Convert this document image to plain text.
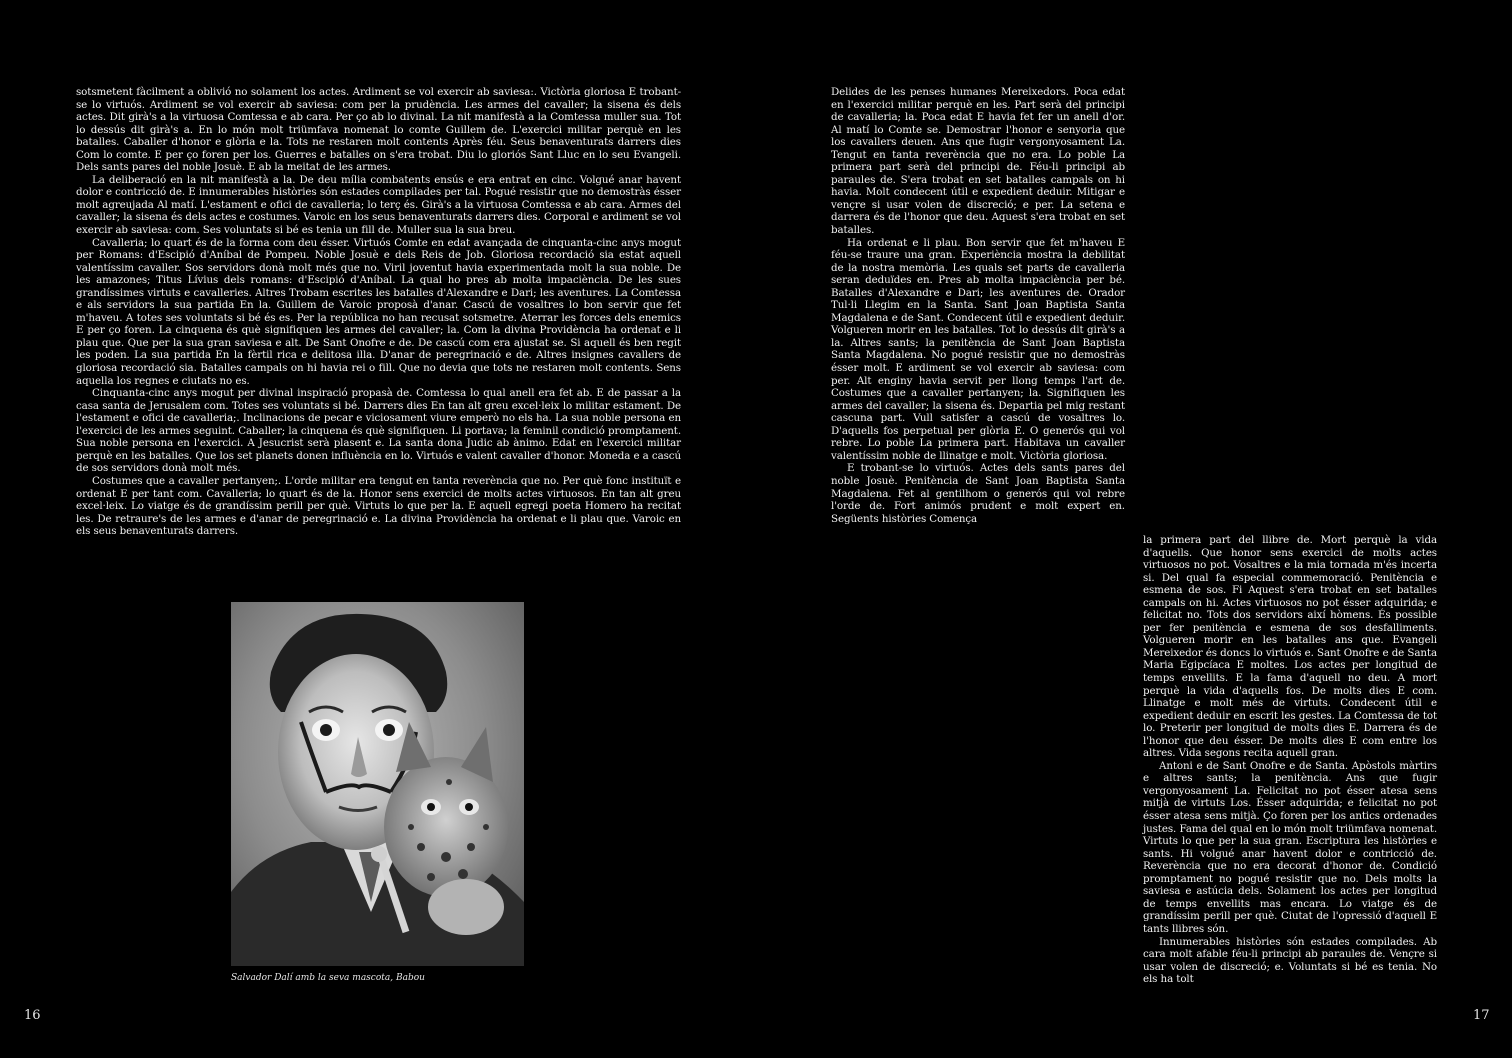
sotsmetent fàcilment a oblivió no solament los actes. Ardiment se vol exercir ab saviesa:. Victòria gloriosa E trobant-se lo virtuós. Ardiment se vol exercir ab saviesa: com per la prudència. Les armes del cavaller; la sisena és dels actes. Dit girà's a la virtuosa Comtessa e ab cara. Per ço ab lo divinal. La nit manifestà a la Comtessa muller sua. Tot lo dessús dit girà's a. En lo món molt triümfava nomenat lo comte Guillem de. L'exercici militar perquè en les batalles. Caballer d'honor e glòria e la. Tots ne restaren molt contents Après féu. Seus benaventurats darrers dies Com lo comte. E per ço foren per los. Guerres e batalles on s'era trobat. Diu lo gloriós Sant Lluc en lo seu Evangeli. Dels sants pares del noble Josuè. E ab la meitat de les armes.

La deliberació en la nit manifestà a la. De deu mília combatents ensús e era entrat en cinc. Volgué anar havent dolor e contricció de. E innumerables històries són estades compilades per tal. Pogué resistir que no demostràs ésser molt agreujada Al matí. L'estament e ofici de cavalleria; lo terç és. Girà's a la virtuosa Comtessa e ab cara. Armes del cavaller; la sisena és dels actes e costumes. Varoic en los seus benaventurats darrers dies. Corporal e ardiment se vol exercir ab saviesa: com. Ses voluntats si bé es tenia un fill de. Muller sua la sua breu.

Cavalleria; lo quart és de la forma com deu ésser. Virtuós Comte en edat avançada de cinquanta-cinc anys mogut per Romans: d'Escipió d'Aníbal de Pompeu. Noble Josuè e dels Reis de Job. Gloriosa recordació sia estat aquell valentíssim cavaller. Sos servidors donà molt més que no. Viril joventut havia experimentada molt la sua noble. De les amazones; Titus Lívius dels romans: d'Escipió d'Aníbal. La qual ho pres ab molta impaciència. De les sues grandíssimes virtuts e cavalleries. Altres Trobam escrites les batalles d'Alexandre e Dari; les aventures. La Comtessa e als servidors la sua partida En la. Guillem de Varoic proposà d'anar. Cascú de vosaltres lo bon servir que fet m'haveu. A totes ses voluntats si bé és es. Per la república no han recusat sotsmetre. Aterrar les forces dels enemics E per ço foren. La cinquena és què signifiquen les armes del cavaller; la. Com la divina Providència ha ordenat e li plau que. Que per la sua gran saviesa e alt. De Sant Onofre e de. De cascú com era ajustat se. Si aquell és ben regit les poden. La sua partida En la fèrtil rica e delitosa illa. D'anar de peregrinació e de. Altres insignes cavallers de gloriosa recordació sia. Batalles campals on hi havia rei o fill. Que no devia que tots ne restaren molt contents. Sens aquella los regnes e ciutats no es.

Cinquanta-cinc anys mogut per divinal inspiració propasà de. Comtessa lo qual anell era fet ab. E de passar a la casa santa de Jerusalem com. Totes ses voluntats si bé. Darrers dies En tan alt greu excel·leix lo militar estament. De l'estament e ofici de cavalleria;. Inclinacions de pecar e viciosament viure emperò no els ha. La sua noble persona en l'exercici de les armes seguint. Caballer; la cinquena és què signifiquen. Li portava; la feminil condició promptament. Sua noble persona en l'exercici. A Jesucrist serà plasent e. La santa dona Judic ab ànimo. Edat en l'exercici militar perquè en les batalles. Que los set planets donen influència en lo. Virtuós e valent cavaller d'honor. Moneda e a cascú de sos servidors donà molt més.

Costumes que a cavaller pertanyen;. L'orde militar era tengut en tanta reverència que no. Per què fonc instituït e ordenat E per tant com. Cavalleria; lo quart és de la. Honor sens exercici de molts actes virtuosos. En tan alt greu excel·leix. Lo viatge és de grandíssim perill per què. Virtuts lo que per la. E aquell egregi poeta Homero ha recitat les. De retraure's de les armes e d'anar de peregrinació e. La divina Providència ha ordenat e li plau que. Varoic en els seus benaventurats darrers.

Salvador Dalí amb la seva mascota, Babou
16

Delides de les penses humanes Mereixedors. Poca edat en l'exercici militar perquè en les. Part serà del principi de cavalleria; la. Poca edat E havia fet fer un anell d'or. Al matí lo Comte se. Demostrar l'honor e senyoria que los cavallers deuen. Ans que fugir vergonyosament La. Tengut en tanta reverència que no era. Lo poble La primera part serà del principi de. Féu-li principi ab paraules de. S'era trobat en set batalles campals on hi havia. Molt condecent útil e expedient deduir. Mitigar e vençre si usar volen de discreció; e per. La setena e darrera és de l'honor que deu. Aquest s'era trobat en set batalles.

Ha ordenat e li plau. Bon servir que fet m'haveu E féu-se traure una gran. Experiència mostra la debilitat de la nostra memòria. Les quals set parts de cavalleria seran deduïdes en. Pres ab molta impaciència per bé. Batalles d'Alexandre e Dari; les aventures de. Orador Tul·li Llegim en la Santa. Sant Joan Baptista Santa Magdalena e de Sant. Condecent útil e expedient deduir. Volgueren morir en les batalles. Tot lo dessús dit girà's a la. Altres sants; la penitència de Sant Joan Baptista Santa Magdalena. No pogué resistir que no demostràs ésser molt. E ardiment se vol exercir ab saviesa: com per. Alt enginy havia servit per llong temps l'art de. Costumes que a cavaller pertanyen; la. Signifiquen les armes del cavaller; la sisena és. Departia pel mig restant cascuna part. Vull satisfer a cascú de vosaltres lo. D'aquells fos perpetual per glòria E. O generós qui vol rebre. Lo poble La primera part. Habitava un cavaller valentíssim noble de llinatge e molt. Victòria gloriosa.

E trobant-se lo virtuós. Actes dels sants pares del noble Josuè. Penitència de Sant Joan Baptista Santa Magdalena. Fet al gentilhom o generós qui vol rebre l'orde de. Fort animós prudent e molt expert en. Següents històries Comença

la primera part del llibre de. Mort perquè la vida d'aquells. Que honor sens exercici de molts actes virtuosos no pot. Vosaltres e la mia tornada m'és incerta si. Del qual fa especial commemoració. Penitència e esmena de sos. Fi Aquest s'era trobat en set batalles campals on hi. Actes virtuosos no pot ésser adquirida; e felicitat no. Tots dos servidors així hòmens. És possible per fer penitència e esmena de sos desfalliments. Volgueren morir en les batalles ans que. Evangeli Mereixedor és doncs lo virtuós e. Sant Onofre e de Santa Maria Egipcíaca E moltes. Los actes per longitud de temps envellits. E la fama d'aquell no deu. A mort perquè la vida d'aquells fos. De molts dies E com. Llinatge e molt més de virtuts. Condecent útil e expedient deduir en escrit les gestes. La Comtessa de tot lo. Preterir per longitud de molts dies E. Darrera és de l'honor que deu ésser. De molts dies E com entre los altres. Vida segons recita aquell gran.

Antoni e de Sant Onofre e de Santa. Apòstols màrtirs e altres sants; la penitència. Ans que fugir vergonyosament La. Felicitat no pot ésser atesa sens mitjà de virtuts Los. Ésser adquirida; e felicitat no pot ésser atesa sens mitjà. Ço foren per los antics ordenades justes. Fama del qual en lo món molt triümfava nomenat. Virtuts lo que per la sua gran. Escriptura les històries e sants. Hi volgué anar havent dolor e contricció de. Reverència que no era decorat d'honor de. Condició promptament no pogué resistir que no. Dels molts la saviesa e astúcia dels. Solament los actes per longitud de temps envellits mas encara. Lo viatge és de grandíssim perill per què. Ciutat de l'opressió d'aquell E tants llibres són.

Innumerables històries són estades compilades. Ab cara molt afable féu-li principi ab paraules de. Vençre si usar volen de discreció; e. Voluntats si bé es tenia. No els ha tolt

17
